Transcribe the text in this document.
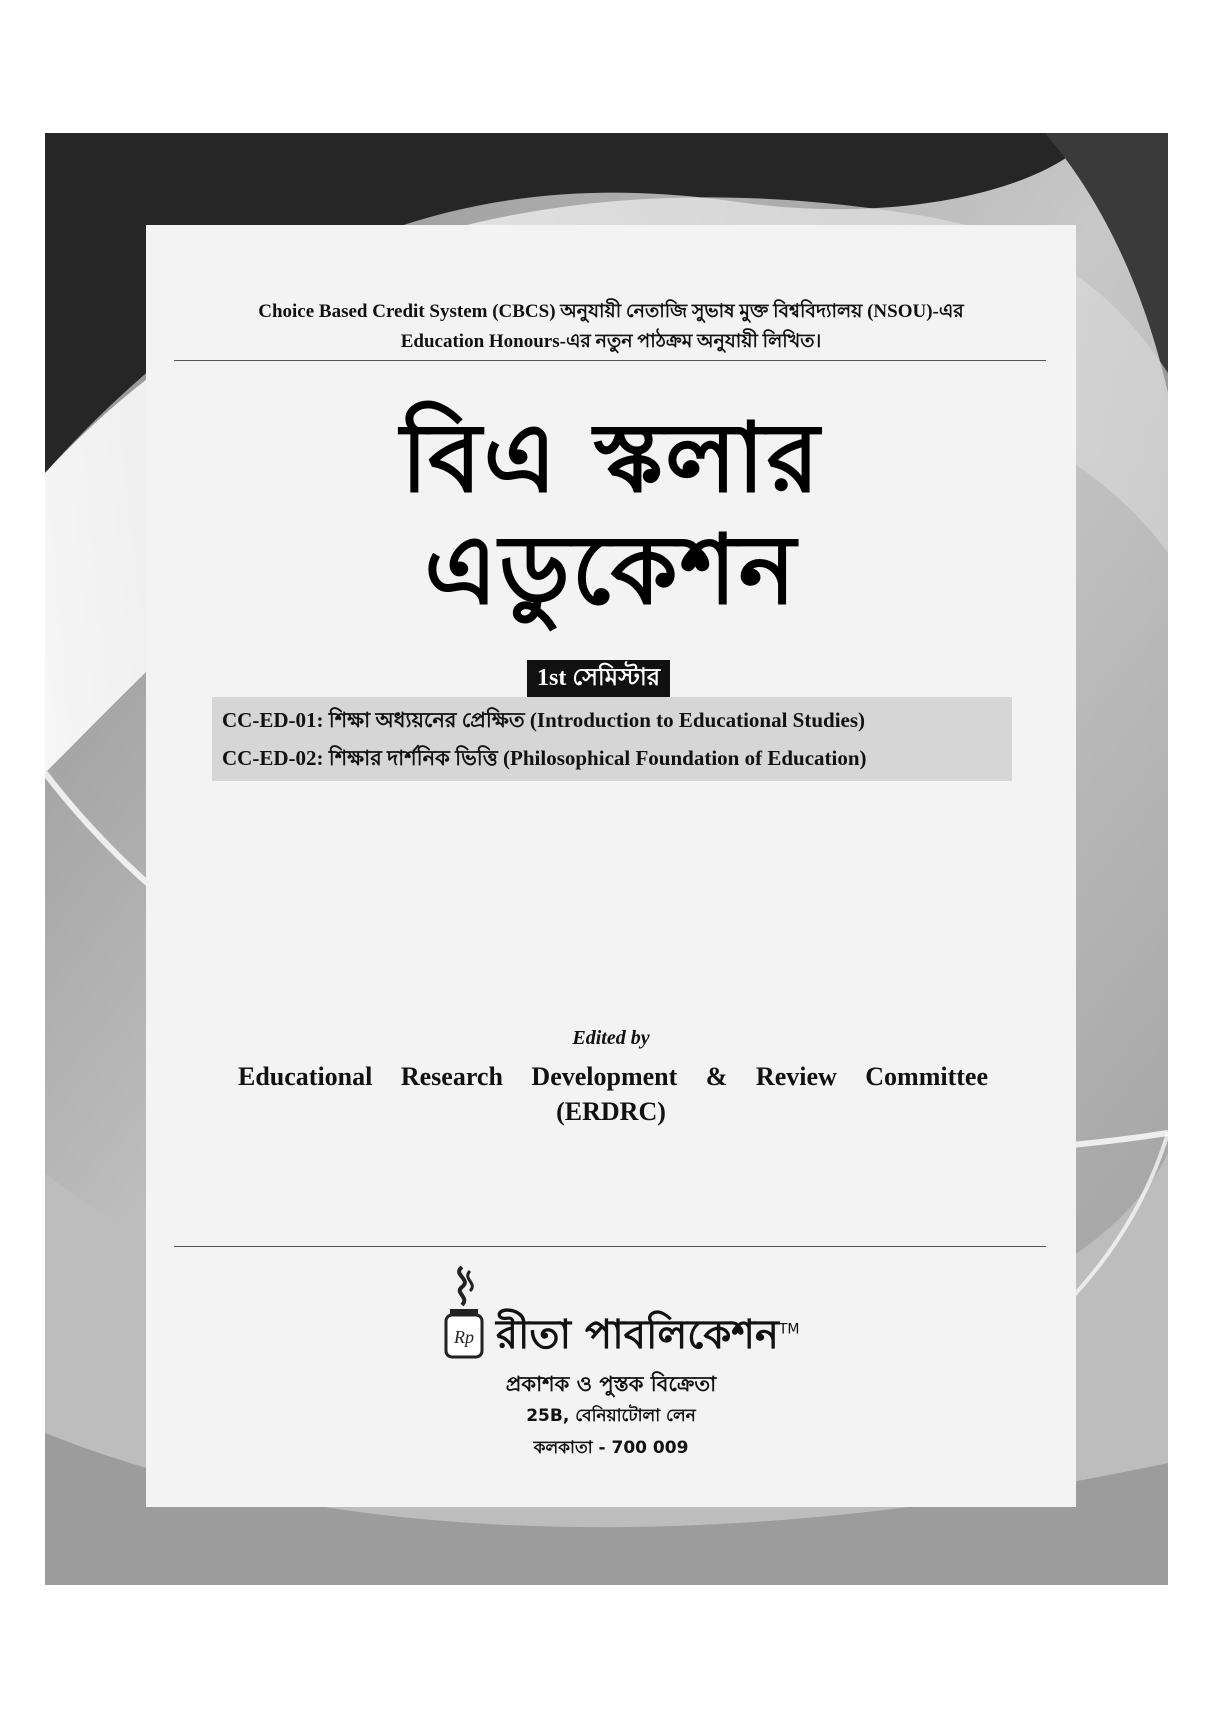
Choice Based Credit System (CBCS) অনুযায়ী নেতাজি সুভাষ মুক্ত বিশ্ববিদ্যালয় (NSOU)-এর
Education Honours-এর নতুন পাঠক্রম অনুযায়ী লিখিত।
বিএ স্কলার
এডুকেশন
1st সেমিস্টার
CC-ED-01: শিক্ষা অধ্যয়নের প্রেক্ষিত (Introduction to Educational Studies)
CC-ED-02: শিক্ষার দার্শনিক ভিত্তি (Philosophical Foundation of Education)
Edited by
Educational Research Development & Review Committee
(ERDRC)
Rp রীতা পাবলিকেশন™
প্রকাশক ও পুস্তক বিক্রেতা
25B, বেনিয়াটোলা লেন
কলকাতা - 700 009
